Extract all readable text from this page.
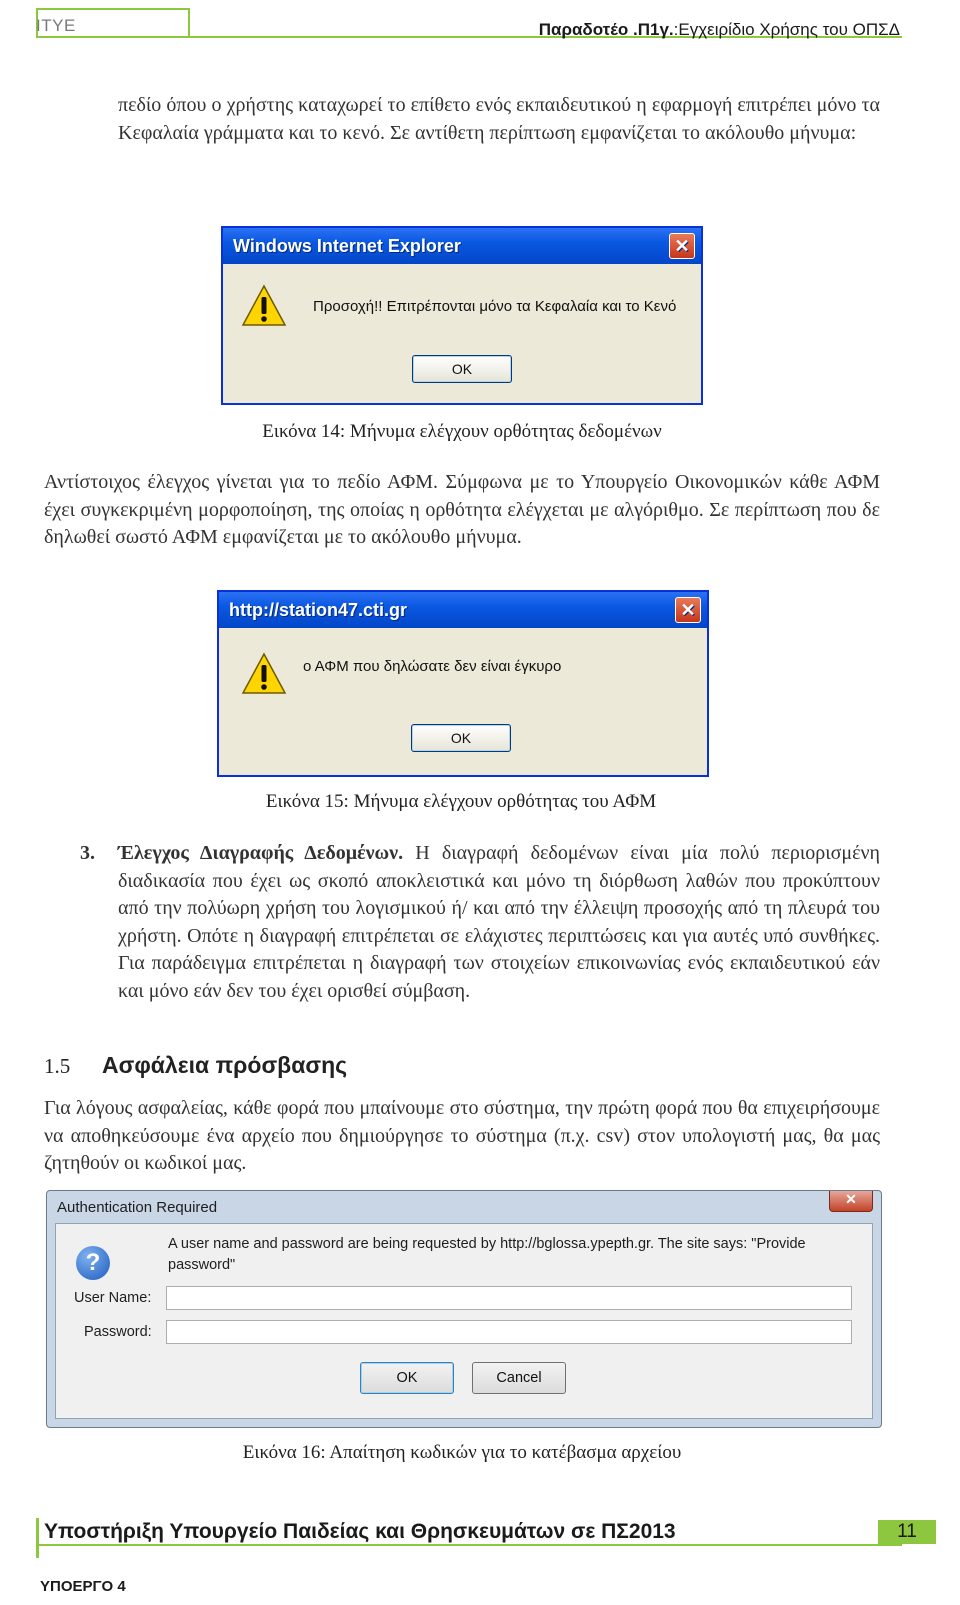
ITYE	Παραδοτέο .Π1γ.:Εγχειρίδιο Χρήσης του ΟΠΣΔ
πεδίο όπου ο χρήστης καταχωρεί το επίθετο ενός εκπαιδευτικού η εφαρμογή επιτρέπει μόνο τα Κεφαλαία γράμματα και το κενό. Σε αντίθετη περίπτωση εμφανίζεται το ακόλουθο μήνυμα:
Windows Internet Explorer	✕
Προσοχή!! Επιτρέπονται μόνο τα Κεφαλαία και το Κενό
OK
Εικόνα 14: Μήνυμα ελέγχουν ορθότητας δεδομένων
Αντίστοιχος έλεγχος γίνεται για το πεδίο ΑΦΜ. Σύμφωνα με το Υπουργείο Οικονομικών κάθε ΑΦΜ έχει συγκεκριμένη μορφοποίηση, της οποίας η ορθότητα ελέγχεται με αλγόριθμο. Σε περίπτωση που δε δηλωθεί σωστό ΑΦΜ εμφανίζεται με το ακόλουθο μήνυμα.
http://station47.cti.gr	✕
ο ΑΦΜ που δηλώσατε δεν είναι έγκυρο
OK
Εικόνα 15: Μήνυμα ελέγχουν ορθότητας του ΑΦΜ
3.	Έλεγχος Διαγραφής Δεδομένων. Η διαγραφή δεδομένων είναι μία πολύ περιορισμένη διαδικασία που έχει ως σκοπό αποκλειστικά και μόνο τη διόρθωση λαθών που προκύπτουν από την πολύωρη χρήση του λογισμικού ή/ και από την έλλειψη προσοχής από τη πλευρά του χρήστη. Οπότε η διαγραφή επιτρέπεται σε ελάχιστες περιπτώσεις και για αυτές υπό συνθήκες. Για παράδειγμα επιτρέπεται η διαγραφή των στοιχείων επικοινωνίας ενός εκπαιδευτικού εάν και μόνο εάν δεν του έχει ορισθεί σύμβαση.
1.5 Ασφάλεια πρόσβασης
Για λόγους ασφαλείας, κάθε φορά που μπαίνουμε στο σύστημα, την πρώτη φορά που θα επιχειρήσουμε να αποθηκεύσουμε ένα αρχείο που δημιούργησε το σύστημα (π.χ. csv) στον υπολογιστή μας, θα μας ζητηθούν οι κωδικοί μας.
Authentication Required	✕
?
A user name and password are being requested by http://bglossa.ypepth.gr. The site says: "Provide
password"
User Name:
Password:
OK	Cancel
Εικόνα 16: Απαίτηση κωδικών για το κατέβασμα αρχείου
Υποστήριξη Υπουργείο Παιδείας και Θρησκευμάτων σε ΠΣ2013
ΥΠΟΕΡΓΟ 4
11
